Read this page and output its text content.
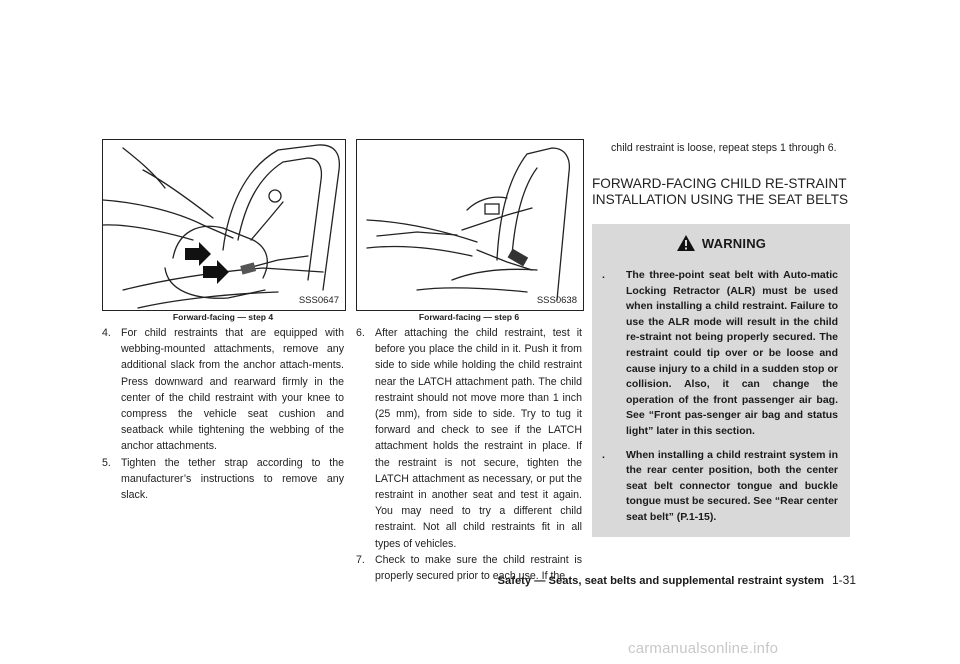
SSS0647
Forward-facing — step 4
SSS0638
Forward-facing — step 6

4. For child restraints that are equipped with webbing-mounted attachments, remove any additional slack from the anchor attach-ments. Press downward and rearward firmly in the center of the child restraint with your knee to compress the vehicle seat cushion and seatback while tightening the webbing of the anchor attachments.

5. Tighten the tether strap according to the manufacturer’s instructions to remove any slack.

6. After attaching the child restraint, test it before you place the child in it. Push it from side to side while holding the child restraint near the LATCH attachment path. The child restraint should not move more than 1 inch (25 mm), from side to side. Try to tug it forward and check to see if the LATCH attachment holds the restraint in place. If the restraint is not secure, tighten the LATCH attachment as necessary, or put the restraint in another seat and test it again. You may need to try a different child restraint. Not all child restraints fit in all types of vehicles.

7. Check to make sure the child restraint is properly secured prior to each use. If the

child restraint is loose, repeat steps 1 through 6.
FORWARD-FACING CHILD RE-STRAINT INSTALLATION USING THE SEAT BELTS
WARNING
. The three-point seat belt with Auto-matic Locking Retractor (ALR) must be used when installing a child restraint. Failure to use the ALR mode will result in the child re-straint not being properly secured. The restraint could tip over or be loose and cause injury to a child in a sudden stop or collision. Also, it can change the operation of the front passenger air bag. See “Front pas-senger air bag and status light” later in this section.
. When installing a child restraint system in the rear center position, both the center seat belt connector tongue and buckle tongue must be secured. See “Rear center seat belt” (P.1-15).
Safety — Seats, seat belts and supplemental restraint system 1-31
carmanualsonline.info
